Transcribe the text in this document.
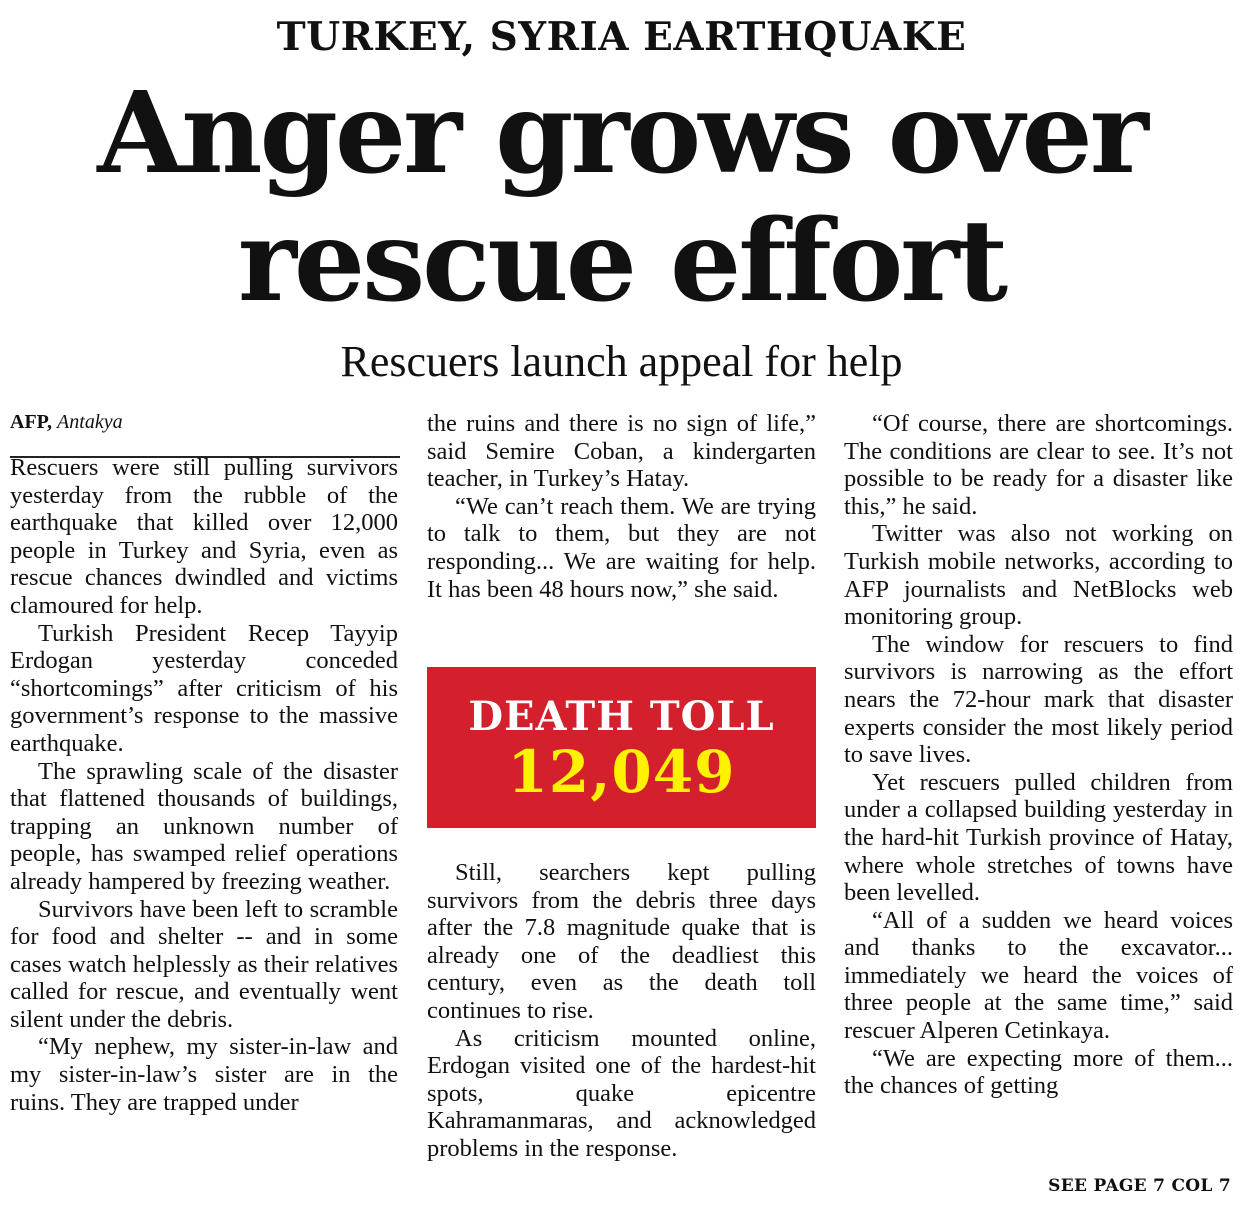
TURKEY, SYRIA EARTHQUAKE
Anger grows over
rescue effort
Rescuers launch appeal for help
AFP, Antakya

Rescuers were still pulling survivors yesterday from the rubble of the earthquake that killed over 12,000 people in Turkey and Syria, even as rescue chances dwindled and victims clamoured for help.

Turkish President Recep Tayyip Erdogan yesterday conceded “shortcomings” after criticism of his government’s response to the massive earthquake.

The sprawling scale of the disaster that flattened thousands of buildings, trapping an unknown number of people, has swamped relief operations already hampered by freezing weather.

Survivors have been left to scramble for food and shelter -- and in some cases watch helplessly as their relatives called for rescue, and eventually went silent under the debris.

“My nephew, my sister-in-law and my sister-in-law’s sister are in the ruins. They are trapped under

the ruins and there is no sign of life,” said Semire Coban, a kindergarten teacher, in Turkey’s Hatay.

“We can’t reach them. We are trying to talk to them, but they are not responding... We are waiting for help. It has been 48 hours now,” she said.

DEATH TOLL
12,049

Still, searchers kept pulling survivors from the debris three days after the 7.8 magnitude quake that is already one of the deadliest this century, even as the death toll continues to rise.

As criticism mounted online, Erdogan visited one of the hardest-hit spots, quake epicentre Kahramanmaras, and acknowledged problems in the response.

“Of course, there are shortcomings. The conditions are clear to see. It’s not possible to be ready for a disaster like this,” he said.

Twitter was also not working on Turkish mobile networks, according to AFP journalists and NetBlocks web monitoring group.

The window for rescuers to find survivors is narrowing as the effort nears the 72-hour mark that disaster experts consider the most likely period to save lives.

Yet rescuers pulled children from under a collapsed building yesterday in the hard-hit Turkish province of Hatay, where whole stretches of towns have been levelled.

“All of a sudden we heard voices and thanks to the excavator... immediately we heard the voices of three people at the same time,” said rescuer Alperen Cetinkaya.

“We are expecting more of them... the chances of getting

SEE PAGE 7 COL 7
